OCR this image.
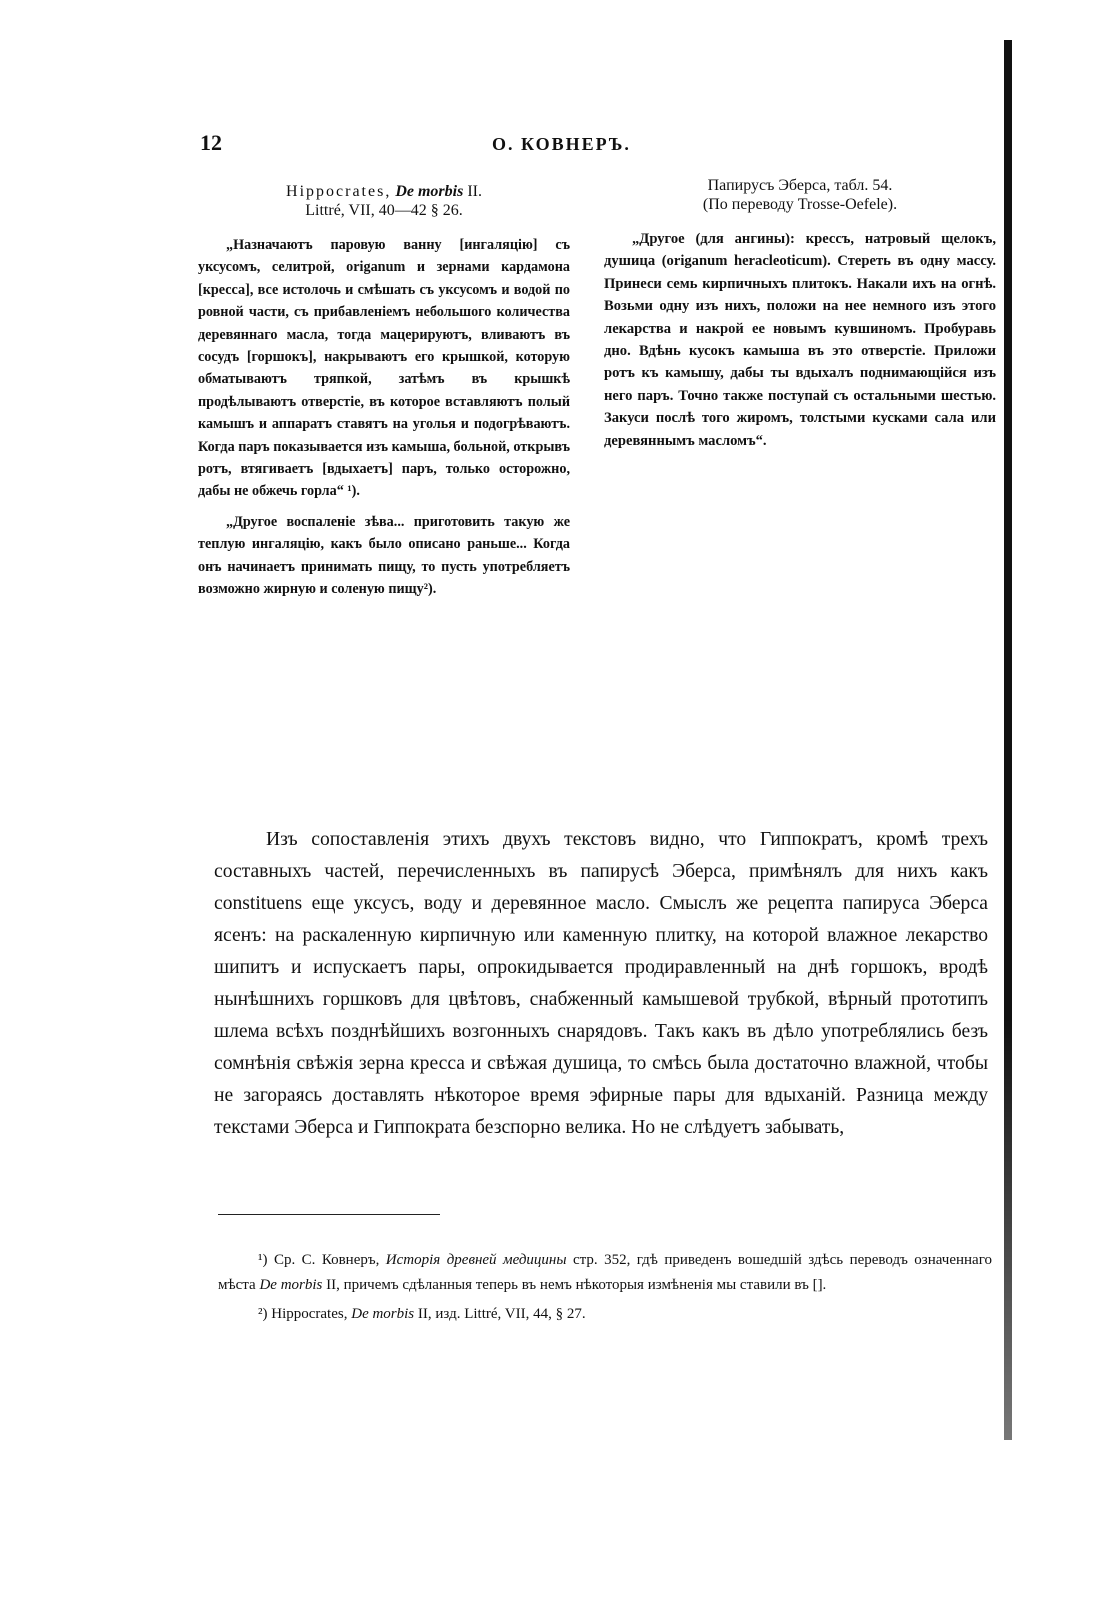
12	О. КОВНЕРЪ.
Hippocrates, De morbis II.
Littré, VII, 40—42 § 26.

„Назначаютъ паровую ванну [ингаляцію] съ уксусомъ, селитрой, origanum и зернами кардамона [кресса], все истолочь и смѣшать съ уксусомъ и водой по ровной части, съ прибавленіемъ небольшого количества деревяннаго масла, тогда мацерируютъ, вливаютъ въ сосудъ [горшокъ], накрываютъ его крышкой, которую обматываютъ тряпкой, затѣмъ въ крышкѣ продѣлываютъ отверстіе, въ которое вставляютъ полый камышъ и аппаратъ ставятъ на уголья и подогрѣваютъ. Когда паръ показывается изъ камыша, больной, открывъ ротъ, втягиваетъ [вдыхаетъ] паръ, только осторожно, дабы не обжечь горла“ ¹).

„Другое воспаленіе зѣва... приготовить такую же теплую ингаляцію, какъ было описано раньше... Когда онъ начинаетъ принимать пищу, то пусть употребляетъ возможно жирную и соленую пищу²).

Папирусъ Эберса, табл. 54.
(По переводу Trosse-Oefele).

„Другое (для ангины): крессъ, натровый щелокъ, душица (origanum heracleoticum). Стереть въ одну массу. Принеси семь кирпичныхъ плитокъ. Накали ихъ на огнѣ. Возьми одну изъ нихъ, положи на нее немного изъ этого лекарства и накрой ее новымъ кувшиномъ. Пробуравь дно. Вдѣнь кусокъ камыша въ это отверстіе. Приложи ротъ къ камышу, дабы ты вдыхалъ поднимающійся изъ него паръ. Точно также поступай съ остальными шестью. Закуси послѣ того жиромъ, толстыми кусками сала или деревяннымъ масломъ“.

Изъ сопоставленія этихъ двухъ текстовъ видно, что Гиппократъ, кромѣ трехъ составныхъ частей, перечисленныхъ въ папирусѣ Эберса, примѣнялъ для нихъ какъ constituens еще уксусъ, воду и деревянное масло. Смыслъ же рецепта папируса Эберса ясенъ: на раскаленную кирпичную или каменную плитку, на которой влажное лекарство шипитъ и испускаетъ пары, опрокидывается продиравленный на днѣ горшокъ, вродѣ нынѣшнихъ горшковъ для цвѣтовъ, снабженный камышевой трубкой, вѣрный прототипъ шлема всѣхъ позднѣйшихъ возгонныхъ снарядовъ. Такъ какъ въ дѣло употреблялись безъ сомнѣнія свѣжія зерна кресса и свѣжая душица, то смѣсь была достаточно влажной, чтобы не загораясь доставлять нѣкоторое время эфирные пары для вдыханій. Разница между текстами Эберса и Гиппократа безспорно велика. Но не слѣдуетъ забывать,

¹) Ср. С. Ковнеръ, Исторія древней медицины стр. 352, гдѣ приведенъ вошедшій здѣсь переводъ означеннаго мѣста De morbis II, причемъ сдѣланныя теперь въ немъ нѣкоторыя измѣненія мы ставили въ [].

²) Hippocrates, De morbis II, изд. Littré, VII, 44, § 27.
